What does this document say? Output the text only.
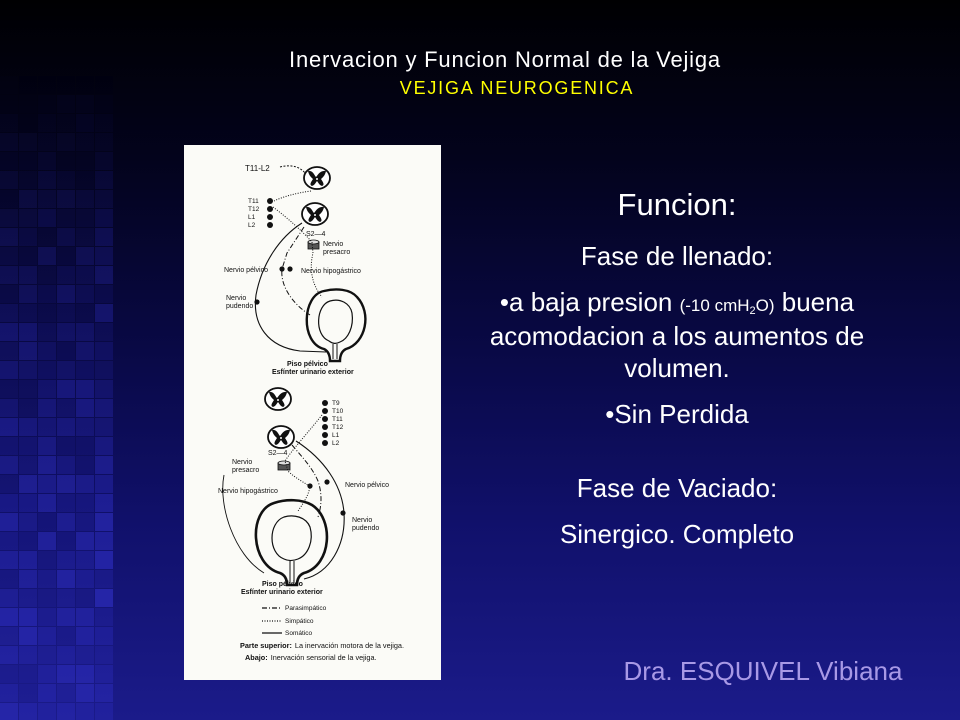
Inervacion y Funcion Normal de la Vejiga
VEJIGA NEUROGENICA
T11-L2
T11
T12
L1
L2
S2—4
Nervio
presacro
Nervio pélvico	Nervio hipogástrico
Nervio
pudendo
Piso pélvico
Esfínter urinario exterior
T9
T10
T11
T12
L1
L2
S2—4
Nervio
presacro
Nervio pélvico
Nervio hipogástrico
Nervio
pudendo
Piso pélvico
Esfínter urinario exterior
Parasimpático
Simpático
Somático
Parte superior: La inervación motora de la vejiga.
Abajo: Inervación sensorial de la vejiga.
Funcion:
Fase de llenado:
•a baja presion (-10 cmH$_2$O) buena
acomodacion a los aumentos de
volumen.
•Sin Perdida
Fase de Vaciado:
Sinergico. Completo
Dra. ESQUIVEL Vibiana
